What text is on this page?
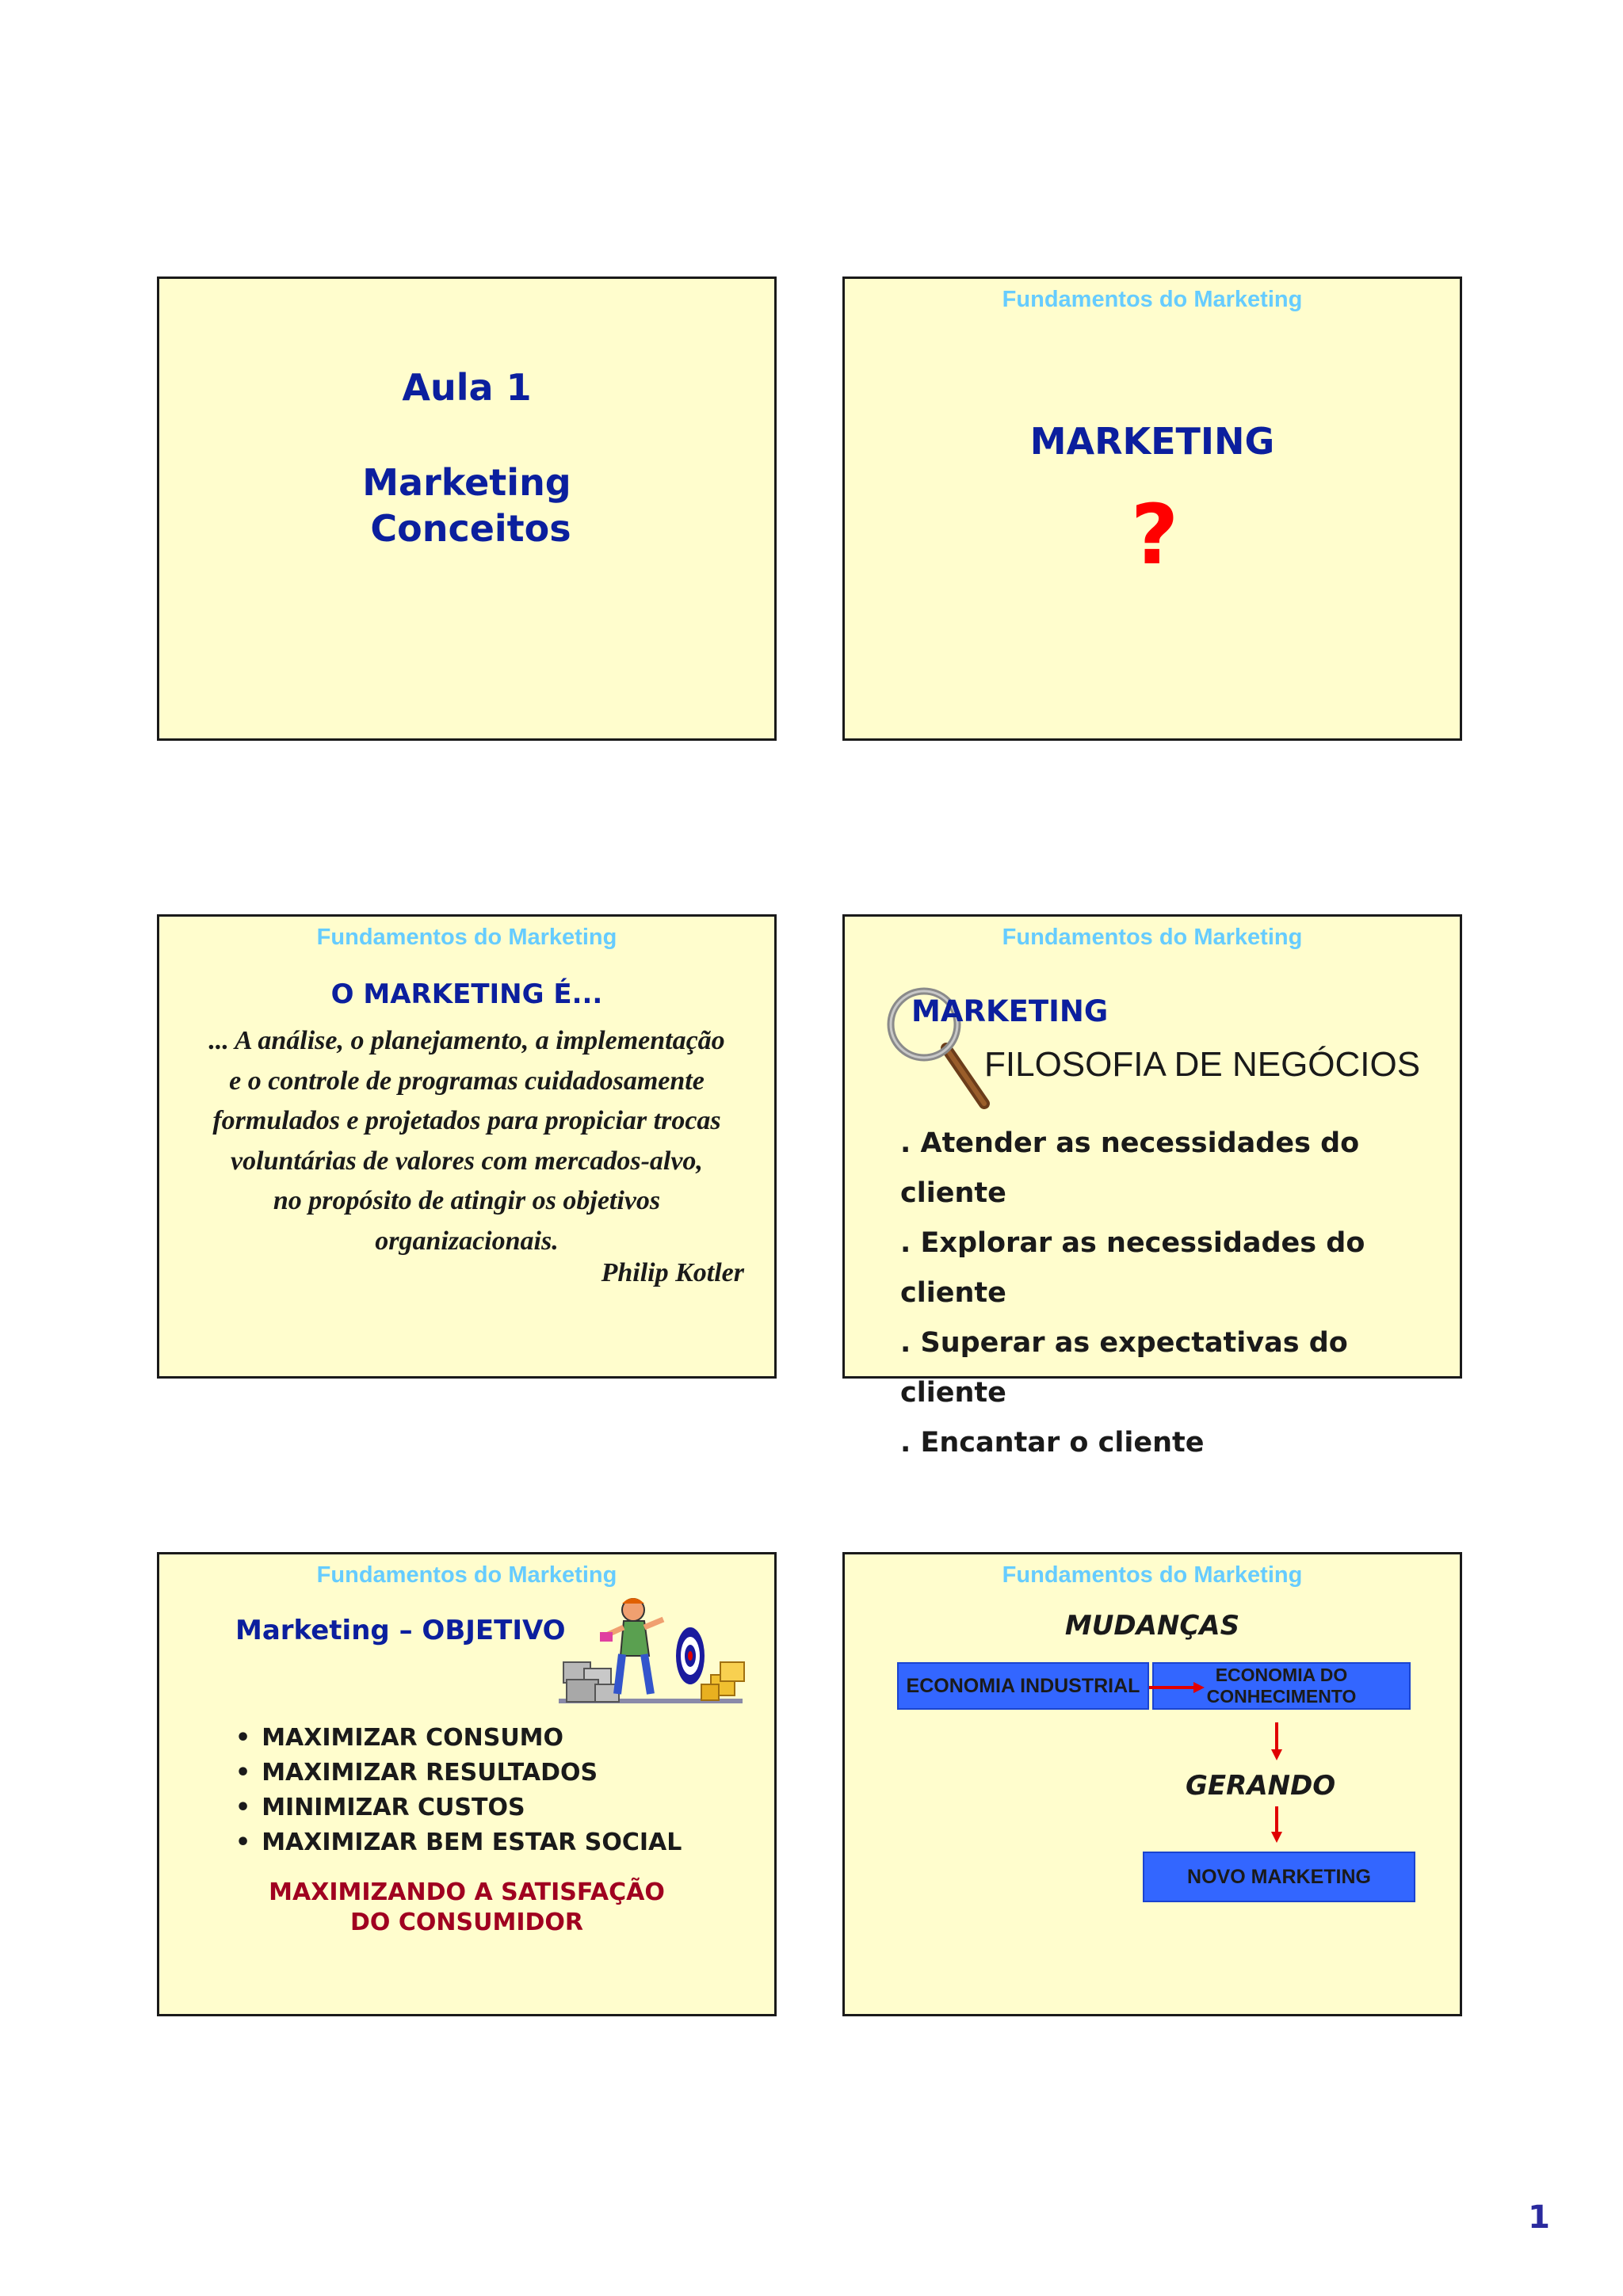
Aula 1
Marketing
Conceitos
Fundamentos do Marketing
MARKETING
?
Fundamentos do Marketing
O MARKETING É...
... A análise, o planejamento, a implementação
e o controle de programas cuidadosamente
formulados e projetados para propiciar trocas
voluntárias de valores com mercados-alvo,
no propósito de atingir os objetivos
organizacionais.
Philip Kotler
Fundamentos do Marketing
MARKETING
FILOSOFIA DE NEGÓCIOS
. Atender as necessidades do cliente
. Explorar as necessidades do cliente
. Superar as expectativas do cliente
. Encantar o cliente
Fundamentos do Marketing
Marketing – OBJETIVO
• MAXIMIZAR CONSUMO
• MAXIMIZAR RESULTADOS
• MINIMIZAR CUSTOS
• MAXIMIZAR BEM ESTAR SOCIAL
MAXIMIZANDO A SATISFAÇÃO
DO CONSUMIDOR
Fundamentos do Marketing
MUDANÇAS
ECONOMIA INDUSTRIAL	ECONOMIA DO
CONHECIMENTO
GERANDO
NOVO MARKETING
1
